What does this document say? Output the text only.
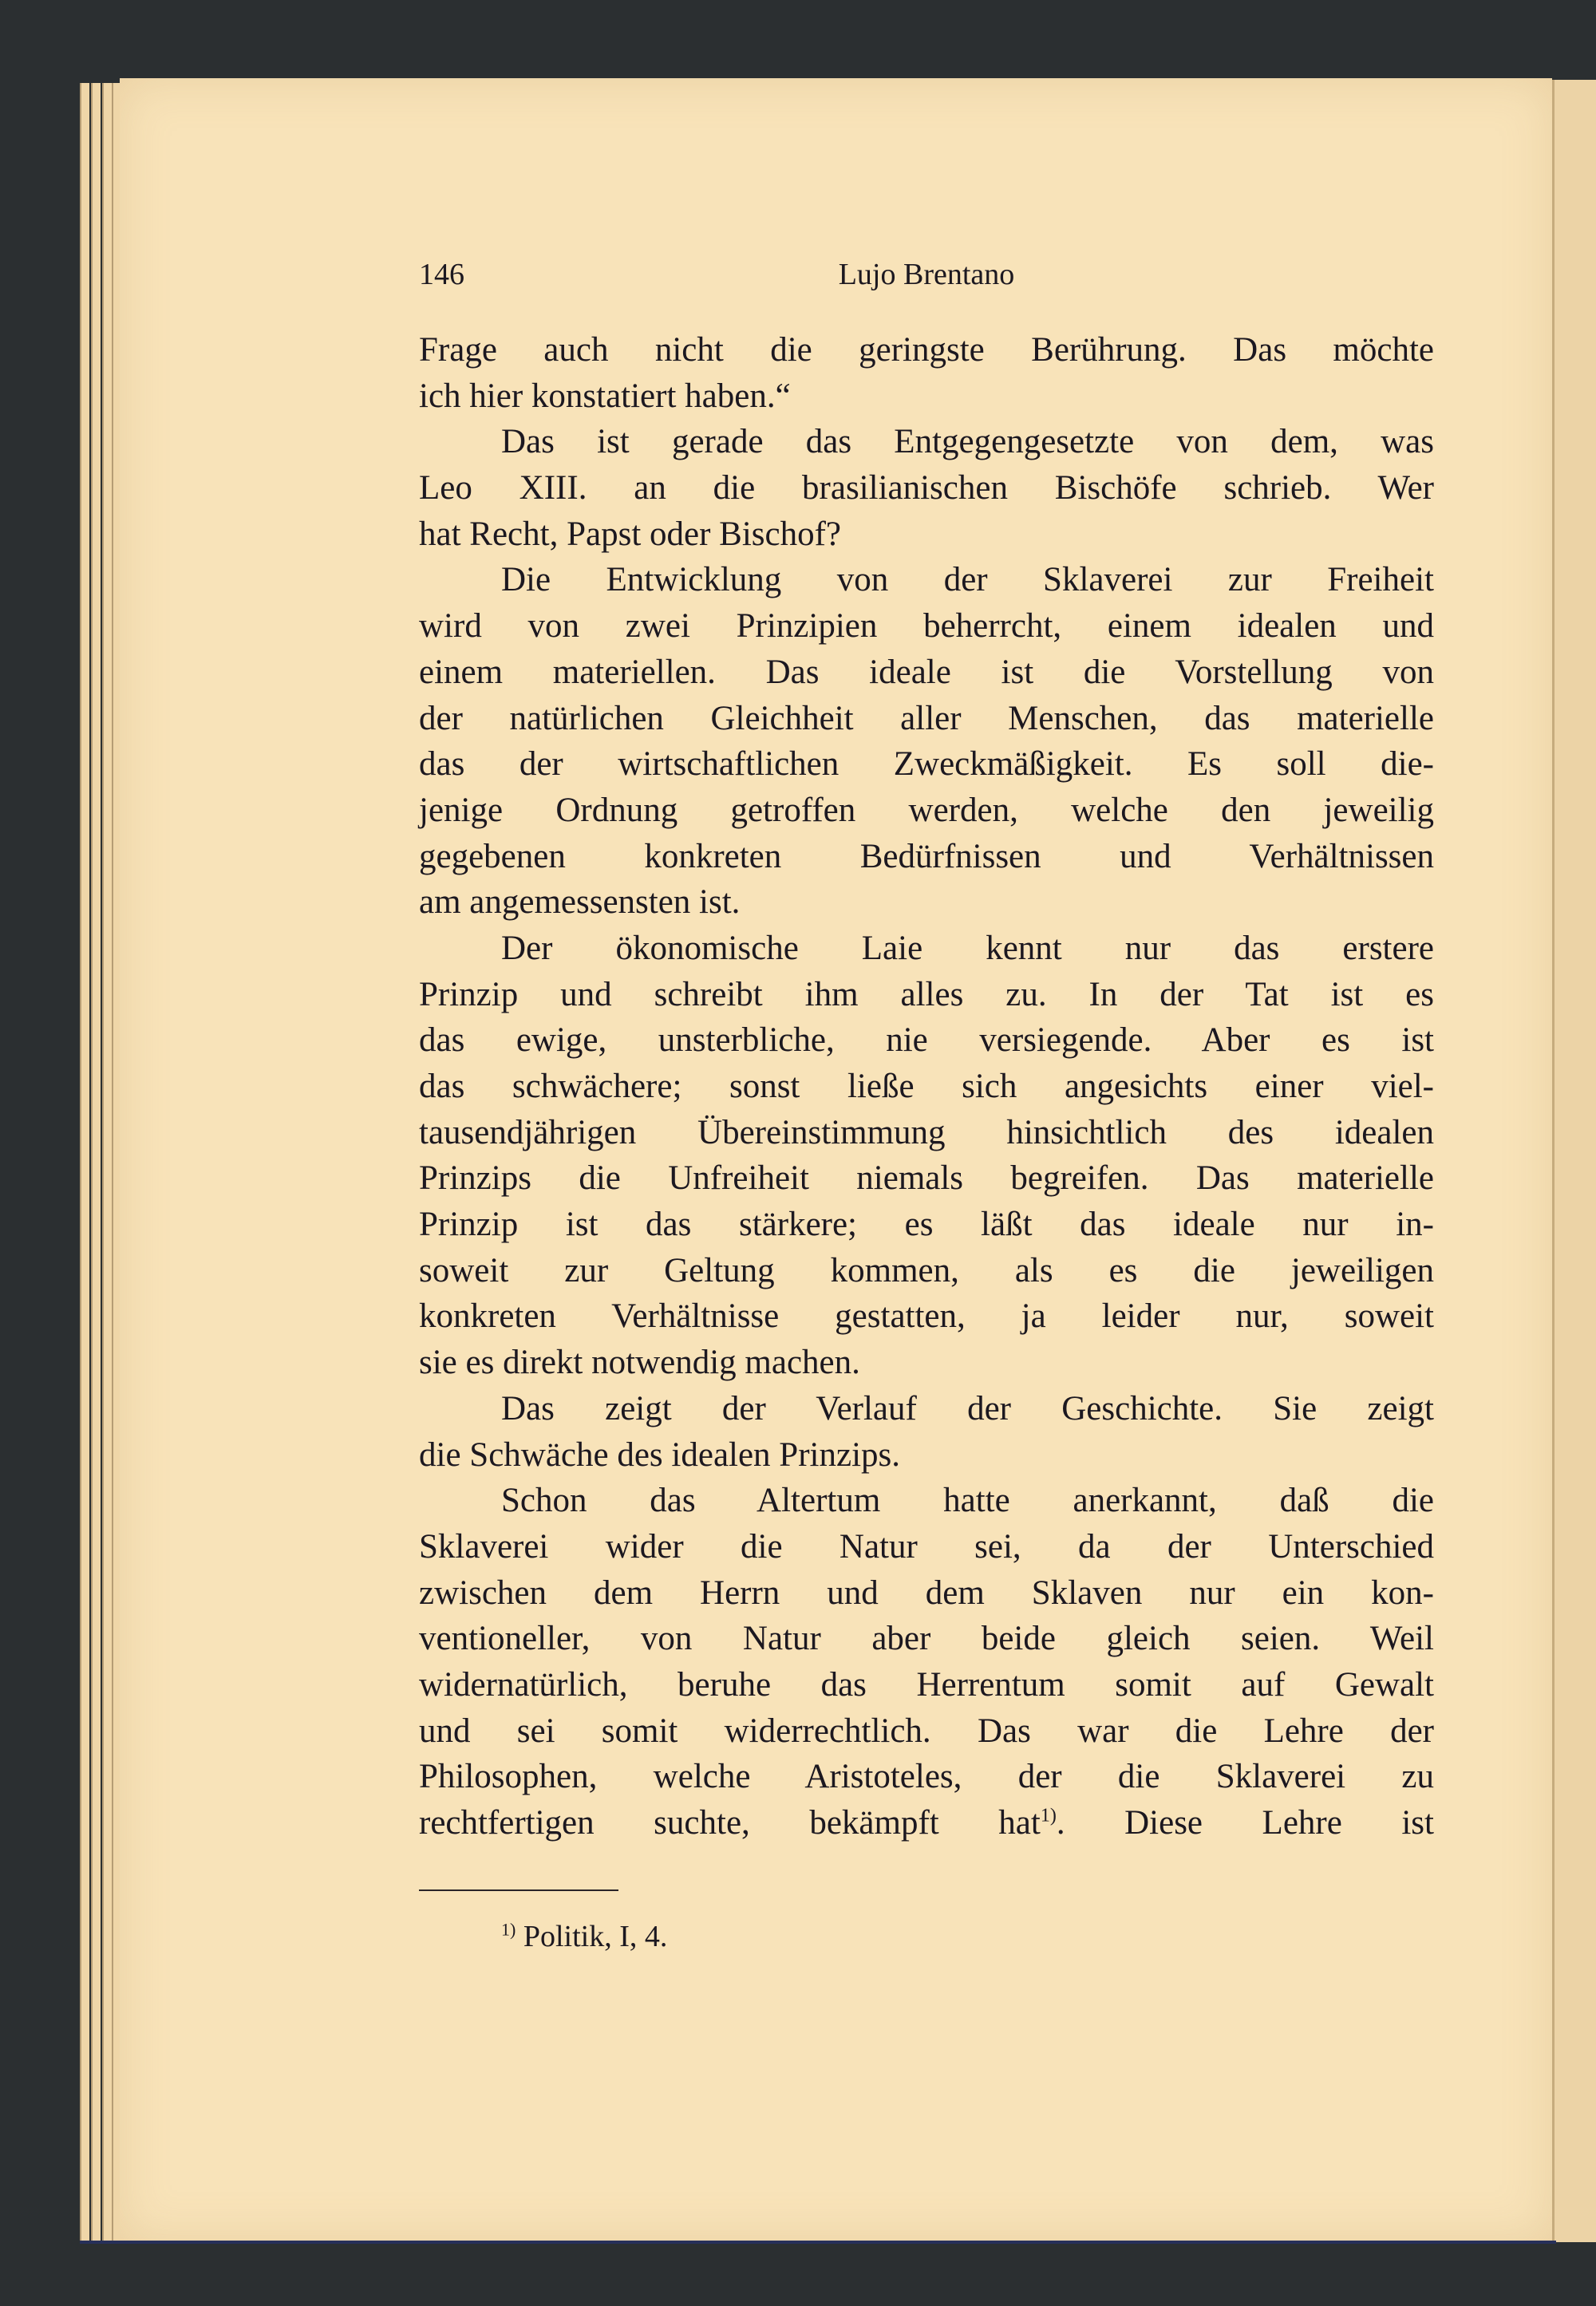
146	Lujo Brentano
Frage auch nicht die geringste Berührung. Das möchte
ich hier konstatiert haben.“
Das ist gerade das Entgegengesetzte von dem, was
Leo XIII. an die brasilianischen Bischöfe schrieb. Wer
hat Recht, Papst oder Bischof?
Die Entwicklung von der Sklaverei zur Freiheit
wird von zwei Prinzipien beherrcht, einem idealen und
einem materiellen. Das ideale ist die Vorstellung von
der natürlichen Gleichheit aller Menschen, das materielle
das der wirtschaftlichen Zweckmäßigkeit. Es soll die-
jenige Ordnung getroffen werden, welche den jeweilig
gegebenen konkreten Bedürfnissen und Verhältnissen
am angemessensten ist.
Der ökonomische Laie kennt nur das erstere
Prinzip und schreibt ihm alles zu. In der Tat ist es
das ewige, unsterbliche, nie versiegende. Aber es ist
das schwächere; sonst ließe sich angesichts einer viel-
tausendjährigen Übereinstimmung hinsichtlich des idealen
Prinzips die Unfreiheit niemals begreifen. Das materielle
Prinzip ist das stärkere; es läßt das ideale nur in-
soweit zur Geltung kommen, als es die jeweiligen
konkreten Verhältnisse gestatten, ja leider nur, soweit
sie es direkt notwendig machen.
Das zeigt der Verlauf der Geschichte. Sie zeigt
die Schwäche des idealen Prinzips.
Schon das Altertum hatte anerkannt, daß die
Sklaverei wider die Natur sei, da der Unterschied
zwischen dem Herrn und dem Sklaven nur ein kon-
ventioneller, von Natur aber beide gleich seien. Weil
widernatürlich, beruhe das Herrentum somit auf Gewalt
und sei somit widerrechtlich. Das war die Lehre der
Philosophen, welche Aristoteles, der die Sklaverei zu
rechtfertigen suchte, bekämpft hat$^{1)}$. Diese Lehre ist
$^{1)}$ Politik, I, 4.
